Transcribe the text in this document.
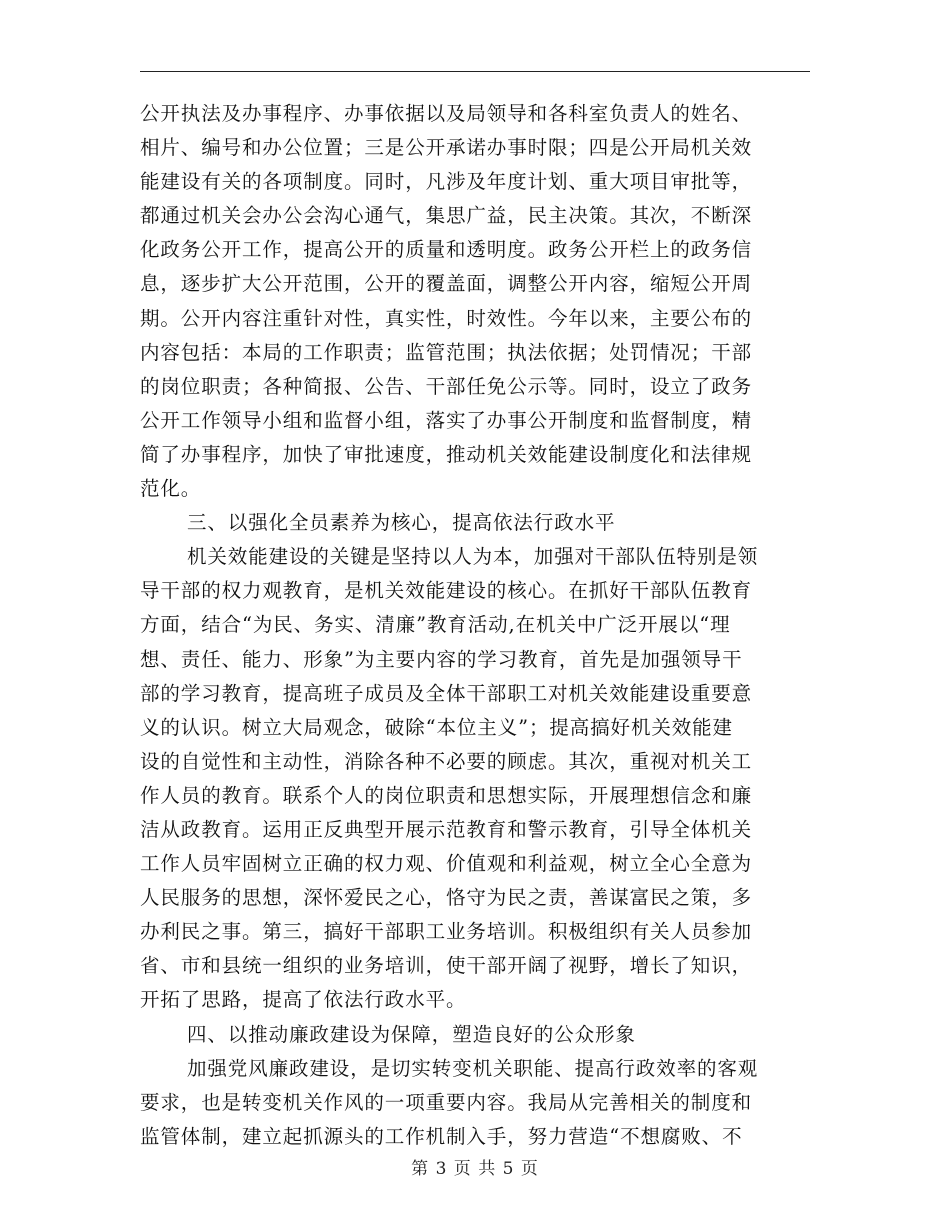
公开执法及办事程序、办事依据以及局领导和各科室负责人的姓名、
相片、编号和办公位置；三是公开承诺办事时限；四是公开局机关效
能建设有关的各项制度。同时，凡涉及年度计划、重大项目审批等，
都通过机关会办公会沟心通气，集思广益，民主决策。其次，不断深
化政务公开工作，提高公开的质量和透明度。政务公开栏上的政务信
息，逐步扩大公开范围，公开的覆盖面，调整公开内容，缩短公开周
期。公开内容注重针对性，真实性，时效性。今年以来，主要公布的
内容包括：本局的工作职责；监管范围；执法依据；处罚情况；干部
的岗位职责；各种简报、公告、干部任免公示等。同时，设立了政务
公开工作领导小组和监督小组，落实了办事公开制度和监督制度，精
简了办事程序，加快了审批速度，推动机关效能建设制度化和法律规
范化。
三、以强化全员素养为核心，提高依法行政水平
机关效能建设的关键是坚持以人为本，加强对干部队伍特别是领
导干部的权力观教育，是机关效能建设的核心。在抓好干部队伍教育
方面，结合“为民、务实、清廉”教育活动,在机关中广泛开展以“理
想、责任、能力、形象”为主要内容的学习教育，首先是加强领导干
部的学习教育，提高班子成员及全体干部职工对机关效能建设重要意
义的认识。树立大局观念，破除“本位主义”；提高搞好机关效能建
设的自觉性和主动性，消除各种不必要的顾虑。其次，重视对机关工
作人员的教育。联系个人的岗位职责和思想实际，开展理想信念和廉
洁从政教育。运用正反典型开展示范教育和警示教育，引导全体机关
工作人员牢固树立正确的权力观、价值观和利益观，树立全心全意为
人民服务的思想，深怀爱民之心，恪守为民之责，善谋富民之策，多
办利民之事。第三，搞好干部职工业务培训。积极组织有关人员参加
省、市和县统一组织的业务培训，使干部开阔了视野，增长了知识，
开拓了思路，提高了依法行政水平。
四、以推动廉政建设为保障，塑造良好的公众形象
加强党风廉政建设，是切实转变机关职能、提高行政效率的客观
要求，也是转变机关作风的一项重要内容。我局从完善相关的制度和
监管体制，建立起抓源头的工作机制入手，努力营造“不想腐败、不
第 3 页 共 5 页
